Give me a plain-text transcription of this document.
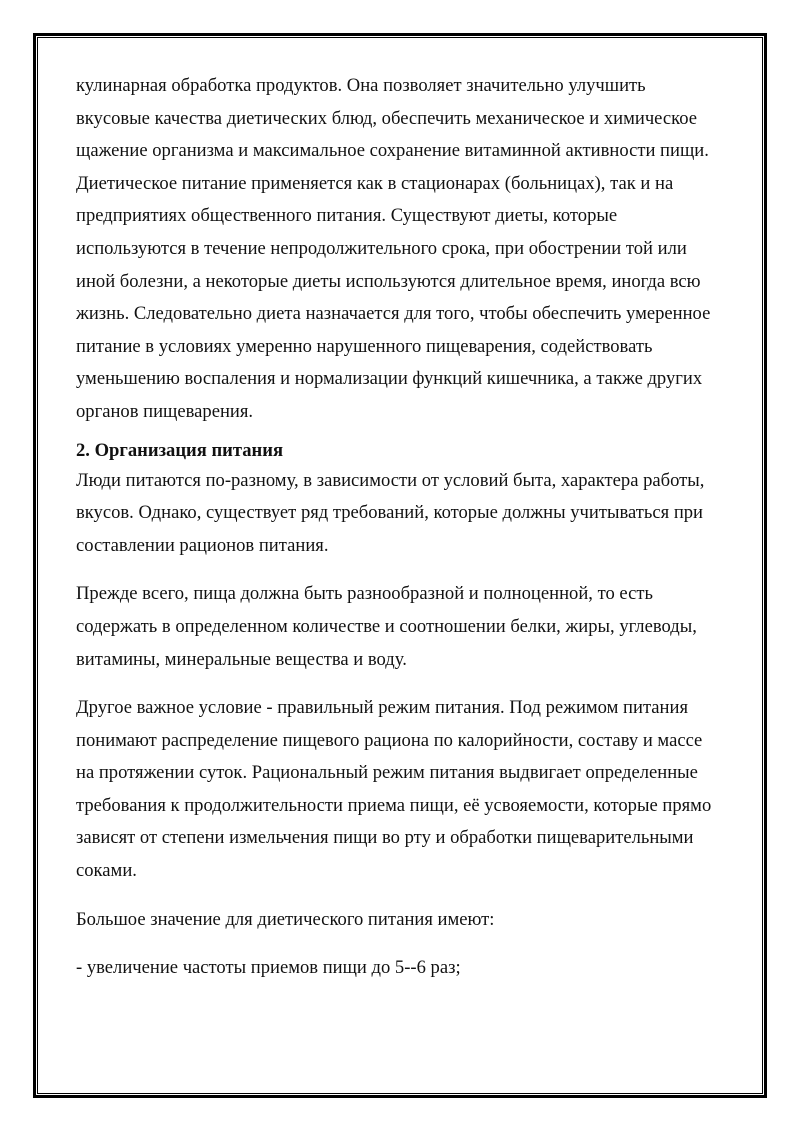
кулинарная обработка продуктов. Она позволяет значительно улучшить
вкусовые качества диетических блюд, обеспечить механическое и химическое
щажение организма и максимальное сохранение витаминной активности пищи.
Диетическое питание применяется как в стационарах (больницах), так и на
предприятиях общественного питания. Существуют диеты, которые
используются в течение непродолжительного срока, при обострении той или
иной болезни, а некоторые диеты используются длительное время, иногда всю
жизнь. Следовательно диета назначается для того, чтобы обеспечить умеренное
питание в условиях умеренно нарушенного пищеварения, содействовать
уменьшению воспаления и нормализации функций кишечника, а также других
органов пищеварения.
2. Организация питания
Люди питаются по-разному, в зависимости от условий быта, характера работы,
вкусов. Однако, существует ряд требований, которые должны учитываться при
составлении рационов питания.
Прежде всего, пища должна быть разнообразной и полноценной, то есть
содержать в определенном количестве и соотношении белки, жиры, углеводы,
витамины, минеральные вещества и воду.
Другое важное условие - правильный режим питания. Под режимом питания
понимают распределение пищевого рациона по калорийности, составу и массе
на протяжении суток. Рациональный режим питания выдвигает определенные
требования к продолжительности приема пищи, её усвояемости, которые прямо
зависят от степени измельчения пищи во рту и обработки пищеварительными
соками.
Большое значение для диетического питания имеют:
- увеличение частоты приемов пищи до 5--6 раз;
